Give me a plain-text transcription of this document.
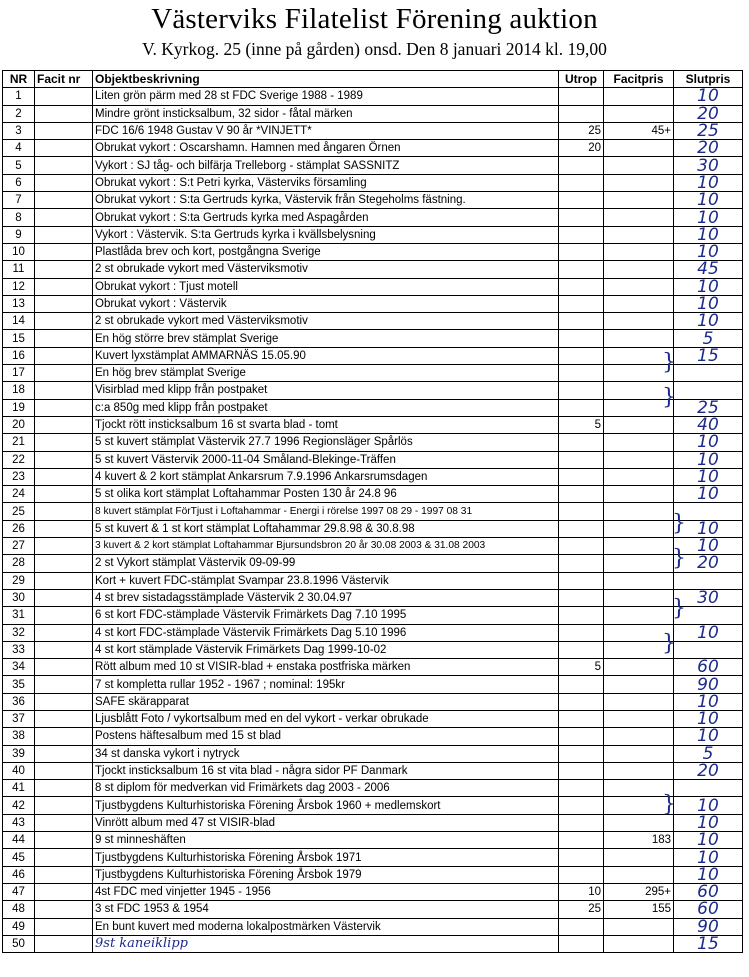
Västerviks Filatelist Förening auktion
V. Kyrkog. 25 (inne på gården) onsd. Den 8 januari 2014 kl. 19,00
NR	Facit nr	Objektbeskrivning	Utrop	Facitpris	Slutpris
1		Liten grön pärm med 28 st FDC Sverige 1988 - 1989			10
2		Mindre grönt insticksalbum, 32 sidor - fåtal märken			20
3		FDC 16/6 1948 Gustav V 90 år *VINJETT*	25	45+	25
4		Obrukat vykort : Oscarshamn. Hamnen med ångaren Örnen	20		20
5		Vykort : SJ tåg- och bilfärja Trelleborg - stämplat SASSNITZ			30
6		Obrukat vykort : S:t Petri kyrka, Västerviks församling			10
7		Obrukat vykort : S:ta Gertruds kyrka, Västervik från Stegeholms fästning.			10
8		Obrukat vykort : S:ta Gertruds kyrka med Aspagården			10
9		Vykort : Västervik. S:ta Gertruds kyrka i kvällsbelysning			10
10		Plastlåda brev och kort, postgångna Sverige			10
11		2 st obrukade vykort med Västerviksmotiv			45
12		Obrukat vykort : Tjust motell			10
13		Obrukat vykort : Västervik			10
14		2 st obrukade vykort med Västerviksmotiv			10
15		En hög större brev stämplat Sverige			5
16		Kuvert lyxstämplat AMMARNÄS 15.05.90			15
17		En hög brev stämplat Sverige			
18		Visirblad med klipp från postpaket			
19		c:a 850g med klipp från postpaket			25
20		Tjockt rött insticksalbum 16 st svarta blad - tomt	5		40
21		5 st kuvert stämplat Västervik 27.7 1996 Regionsläger Spårlös			10
22		5 st kuvert Västervik 2000-11-04 Småland-Blekinge-Träffen			10
23		4 kuvert & 2 kort stämplat Ankarsrum 7.9.1996 Ankarsrumsdagen			10
24		5 st olika kort stämplat Loftahammar Posten 130 år 24.8 96			10
25		8 kuvert stämplat FörTjust i Loftahammar - Energi i rörelse 1997 08 29 - 1997 08 31			
26		5 st kuvert & 1 st kort stämplat Loftahammar 29.8.98 & 30.8.98			10
27		3 kuvert & 2 kort stämplat Loftahammar Bjursundsbron 20 år 30.08 2003 & 31.08 2003			10
28		2 st Vykort stämplat Västervik 09-09-99			20
29		Kort + kuvert FDC-stämplat Svampar 23.8.1996 Västervik			
30		4 st brev sistadagsstämplade Västervik 2 30.04.97			30
31		6 st kort FDC-stämplade Västervik Frimärkets Dag 7.10 1995			
32		4 st kort FDC-stämplade Västervik Frimärkets Dag 5.10 1996			10
33		4 st kort stämplade Västervik Frimärkets Dag 1999-10-02			
34		Rött album med 10 st VISIR-blad + enstaka postfriska märken	5		60
35		7 st kompletta rullar 1952 - 1967 ; nominal: 195kr			90
36		SAFE skärapparat			10
37		Ljusblått Foto / vykortsalbum med en del vykort - verkar obrukade			10
38		Postens häftesalbum med 15 st blad			10
39		34 st danska vykort i nytryck			5
40		Tjockt insticksalbum 16 st vita blad - några sidor PF Danmark			20
41		8 st diplom för medverkan vid Frimärkets dag 2003 - 2006			
42		Tjustbygdens Kulturhistoriska Förening Årsbok 1960 + medlemskort			10
43		Vinrött album med 47 st VISIR-blad			10
44		9 st minneshäften		183	10
45		Tjustbygdens Kulturhistoriska Förening Årsbok 1971			10
46		Tjustbygdens Kulturhistoriska Förening Årsbok 1979			10
47		4st FDC med vinjetter 1945 - 1956	10	295+	60
48		3 st FDC 1953 & 1954	25	155	60
49		En bunt kuvert med moderna lokalpostmärken Västervik			90
50		9st kaneiklipp			15
}
}
}
}
}
}
}
